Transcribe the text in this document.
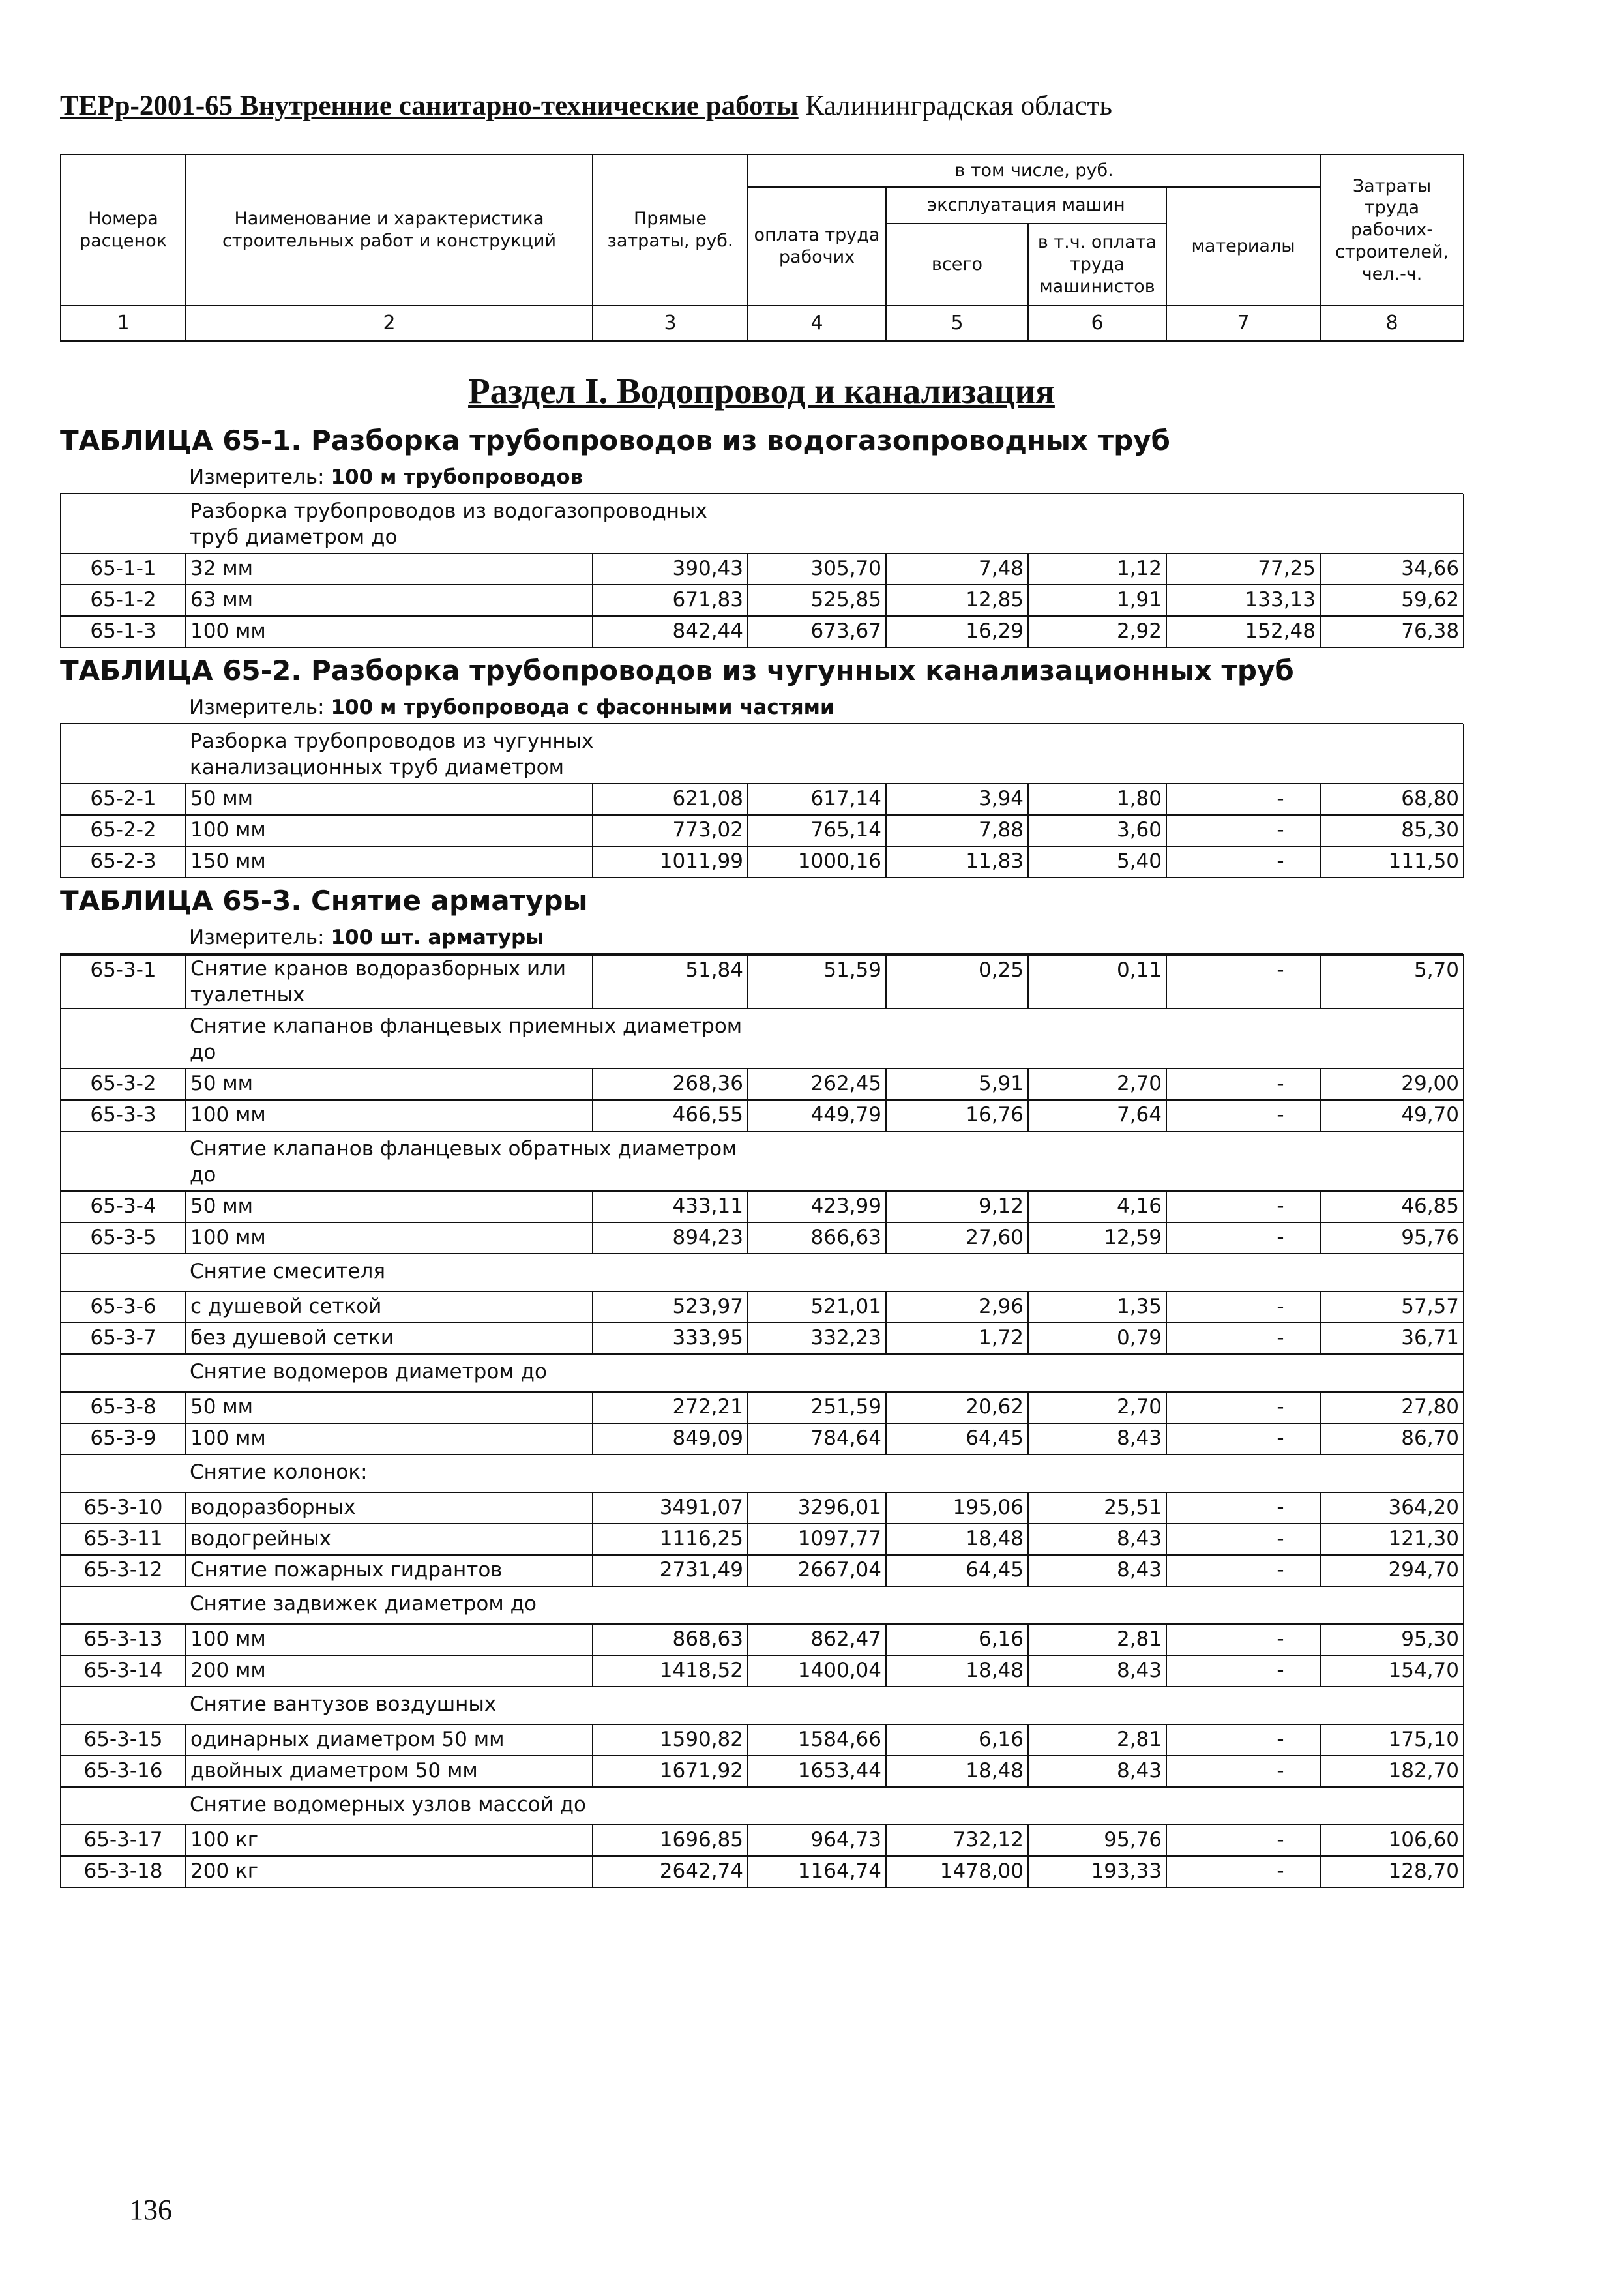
ТЕРр-2001-65 Внутренние санитарно-технические работы Калининградская область
Номера расценок	Наименование и характеристика строительных работ и конструкций	Прямые затраты, руб.	в том числе, руб.				Затраты труда рабочих-строителей, чел.-ч.
			оплата труда рабочих	эксплуатация машин		материалы	
				всего	в т.ч. оплата труда машинистов		
1	2	3	4	5	6	7	8
Раздел I. Водопровод и канализация
ТАБЛИЦА 65-1. Разборка трубопроводов из водогазопроводных труб
Измеритель: 100 м трубопроводов
	Разборка трубопроводов из водогазопроводных труб диаметром до						
65-1-1	32 мм	390,43	305,70	7,48	1,12	77,25	34,66
65-1-2	63 мм	671,83	525,85	12,85	1,91	133,13	59,62
65-1-3	100 мм	842,44	673,67	16,29	2,92	152,48	76,38
ТАБЛИЦА 65-2. Разборка трубопроводов из чугунных канализационных труб
Измеритель: 100 м трубопровода с фасонными частями
	Разборка трубопроводов из чугунных канализационных труб диаметром						
65-2-1	50 мм	621,08	617,14	3,94	1,80	-	68,80
65-2-2	100 мм	773,02	765,14	7,88	3,60	-	85,30
65-2-3	150 мм	1011,99	1000,16	11,83	5,40	-	111,50
ТАБЛИЦА 65-3. Снятие арматуры
Измеритель: 100 шт. арматуры
65-3-1	Снятие кранов водоразборных или туалетных	51,84	51,59	0,25	0,11	-	5,70
	Снятие клапанов фланцевых приемных диаметром до						
65-3-2	50 мм	268,36	262,45	5,91	2,70	-	29,00
65-3-3	100 мм	466,55	449,79	16,76	7,64	-	49,70
	Снятие клапанов фланцевых обратных диаметром до						
65-3-4	50 мм	433,11	423,99	9,12	4,16	-	46,85
65-3-5	100 мм	894,23	866,63	27,60	12,59	-	95,76
	Снятие смесителя						
65-3-6	с душевой сеткой	523,97	521,01	2,96	1,35	-	57,57
65-3-7	без душевой сетки	333,95	332,23	1,72	0,79	-	36,71
	Снятие водомеров диаметром до						
65-3-8	50 мм	272,21	251,59	20,62	2,70	-	27,80
65-3-9	100 мм	849,09	784,64	64,45	8,43	-	86,70
	Снятие колонок:						
65-3-10	водоразборных	3491,07	3296,01	195,06	25,51	-	364,20
65-3-11	водогрейных	1116,25	1097,77	18,48	8,43	-	121,30
65-3-12	Снятие пожарных гидрантов	2731,49	2667,04	64,45	8,43	-	294,70
	Снятие задвижек диаметром до						
65-3-13	100 мм	868,63	862,47	6,16	2,81	-	95,30
65-3-14	200 мм	1418,52	1400,04	18,48	8,43	-	154,70
	Снятие вантузов воздушных						
65-3-15	одинарных диаметром 50 мм	1590,82	1584,66	6,16	2,81	-	175,10
65-3-16	двойных диаметром 50 мм	1671,92	1653,44	18,48	8,43	-	182,70
	Снятие водомерных узлов массой до						
65-3-17	100 кг	1696,85	964,73	732,12	95,76	-	106,60
65-3-18	200 кг	2642,74	1164,74	1478,00	193,33	-	128,70
136
